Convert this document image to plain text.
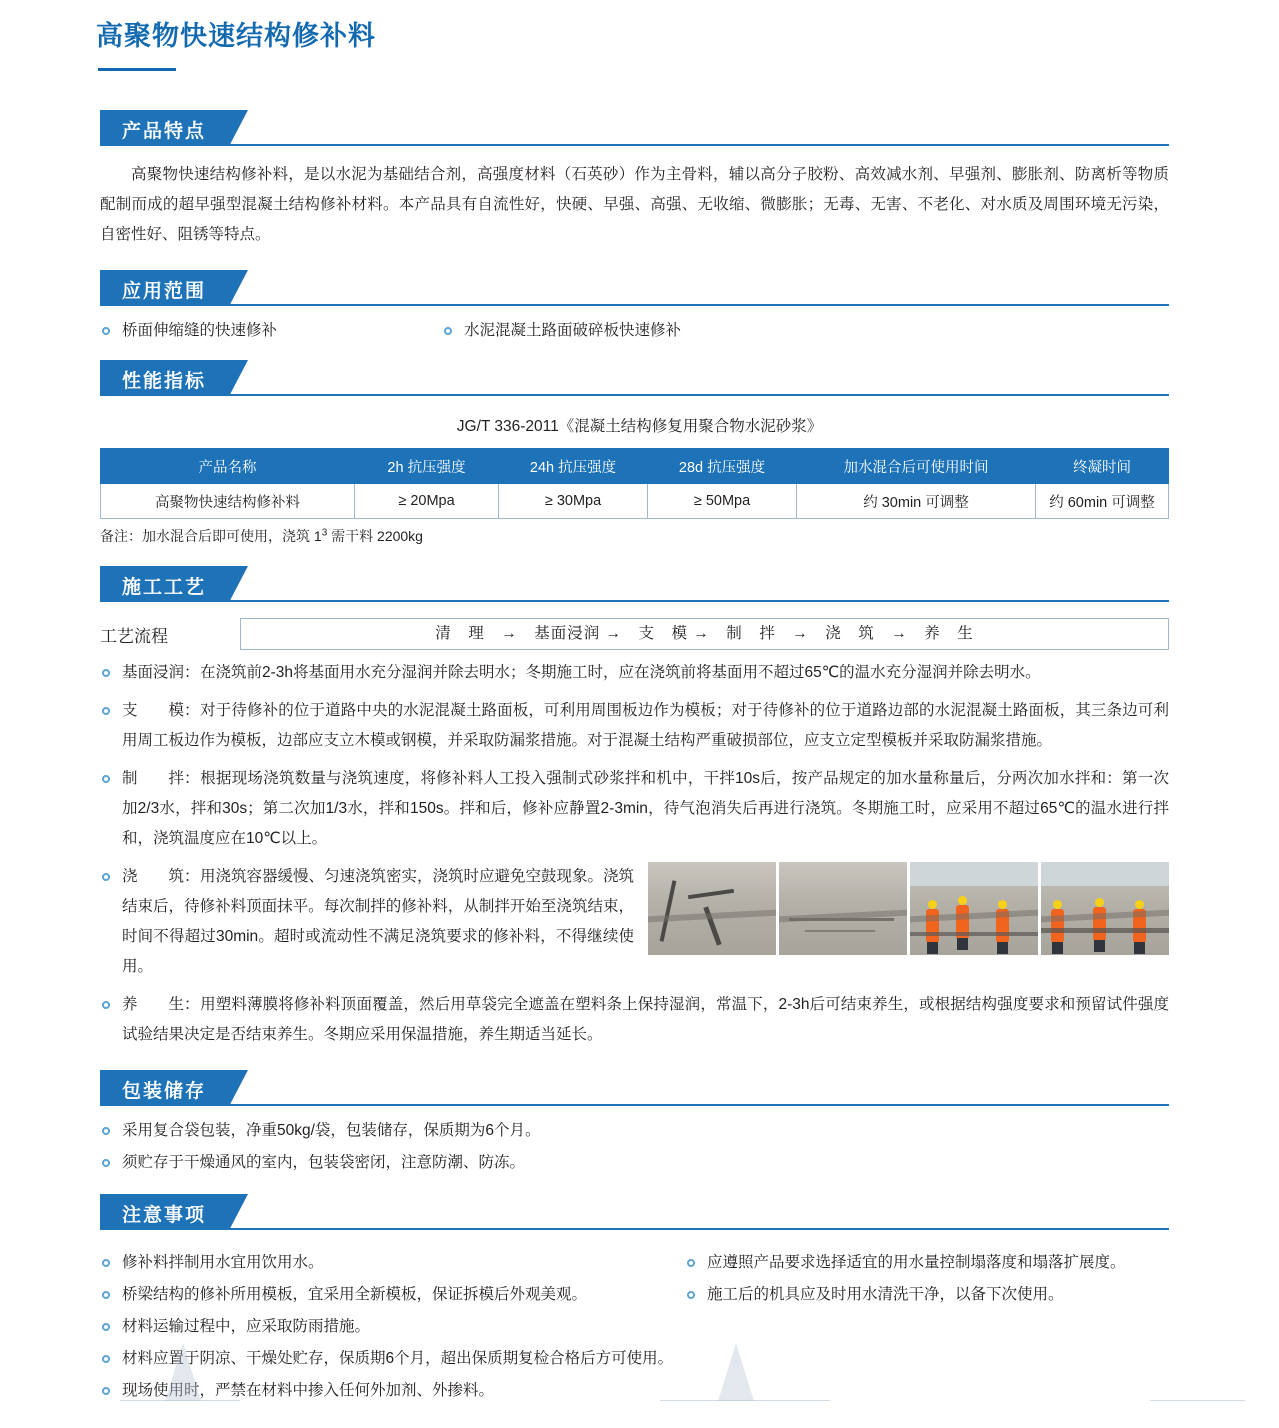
高聚物快速结构修补料
产品特点
高聚物快速结构修补料，是以水泥为基础结合剂，高强度材料（石英砂）作为主骨料，辅以高分子胶粉、高效减水剂、早强剂、膨胀剂、防离析等物质配制而成的超早强型混凝土结构修补材料。本产品具有自流性好，快硬、早强、高强、无收缩、微膨胀；无毒、无害、不老化、对水质及周围环境无污染，自密性好、阻锈等特点。
应用范围
桥面伸缩缝的快速修补	水泥混凝土路面破碎板快速修补
性能指标
JG/T 336-2011《混凝土结构修复用聚合物水泥砂浆》
产品名称	2h 抗压强度	24h 抗压强度	28d 抗压强度	加水混合后可使用时间	终凝时间
高聚物快速结构修补料	≥ 20Mpa	≥ 30Mpa	≥ 50Mpa	约 30min 可调整	约 60min 可调整
备注：加水混合后即可使用，浇筑 $1^3$ 需干料 2200kg
施工工艺
工艺流程	清　理　→　基面浸润 →　支　模 →　制　拌　→　浇　筑　→　养　生
基面浸润：在浇筑前2-3h将基面用水充分湿润并除去明水；冬期施工时，应在浇筑前将基面用不超过65℃的温水充分湿润并除去明水。
支　　模：对于待修补的位于道路中央的水泥混凝土路面板，可利用周围板边作为模板；对于待修补的位于道路边部的水泥混凝土路面板，其三条边可利用周工板边作为模板，边部应支立木模或钢模，并采取防漏浆措施。对于混凝土结构严重破损部位，应支立定型模板并采取防漏浆措施。
制　　拌：根据现场浇筑数量与浇筑速度，将修补料人工投入强制式砂浆拌和机中，干拌10s后，按产品规定的加水量称量后，分两次加水拌和：第一次加2/3水，拌和30s；第二次加1/3水，拌和150s。拌和后，修补应静置2-3min，待气泡消失后再进行浇筑。冬期施工时，应采用不超过65℃的温水进行拌和，浇筑温度应在10℃以上。
浇　　筑：用浇筑容器缓慢、匀速浇筑密实，浇筑时应避免空鼓现象。浇筑结束后，待修补料顶面抹平。每次制拌的修补料，从制拌开始至浇筑结束，时间不得超过30min。超时或流动性不满足浇筑要求的修补料，不得继续使用。
养　　生：用塑料薄膜将修补料顶面覆盖，然后用草袋完全遮盖在塑料条上保持湿润，常温下，2-3h后可结束养生，或根据结构强度要求和预留试件强度试验结果决定是否结束养生。冬期应采用保温措施，养生期适当延长。
包装储存
采用复合袋包装，净重50kg/袋，包装储存，保质期为6个月。
须贮存于干燥通风的室内，包装袋密闭，注意防潮、防冻。
注意事项
修补料拌制用水宜用饮用水。
桥梁结构的修补所用模板，宜采用全新模板，保证拆模后外观美观。
材料运输过程中，应采取防雨措施。
材料应置于阴凉、干燥处贮存，保质期6个月，超出保质期复检合格后方可使用。
现场使用时，严禁在材料中掺入任何外加剂、外掺料。
应遵照产品要求选择适宜的用水量控制塌落度和塌落扩展度。
施工后的机具应及时用水清洗干净，以备下次使用。
